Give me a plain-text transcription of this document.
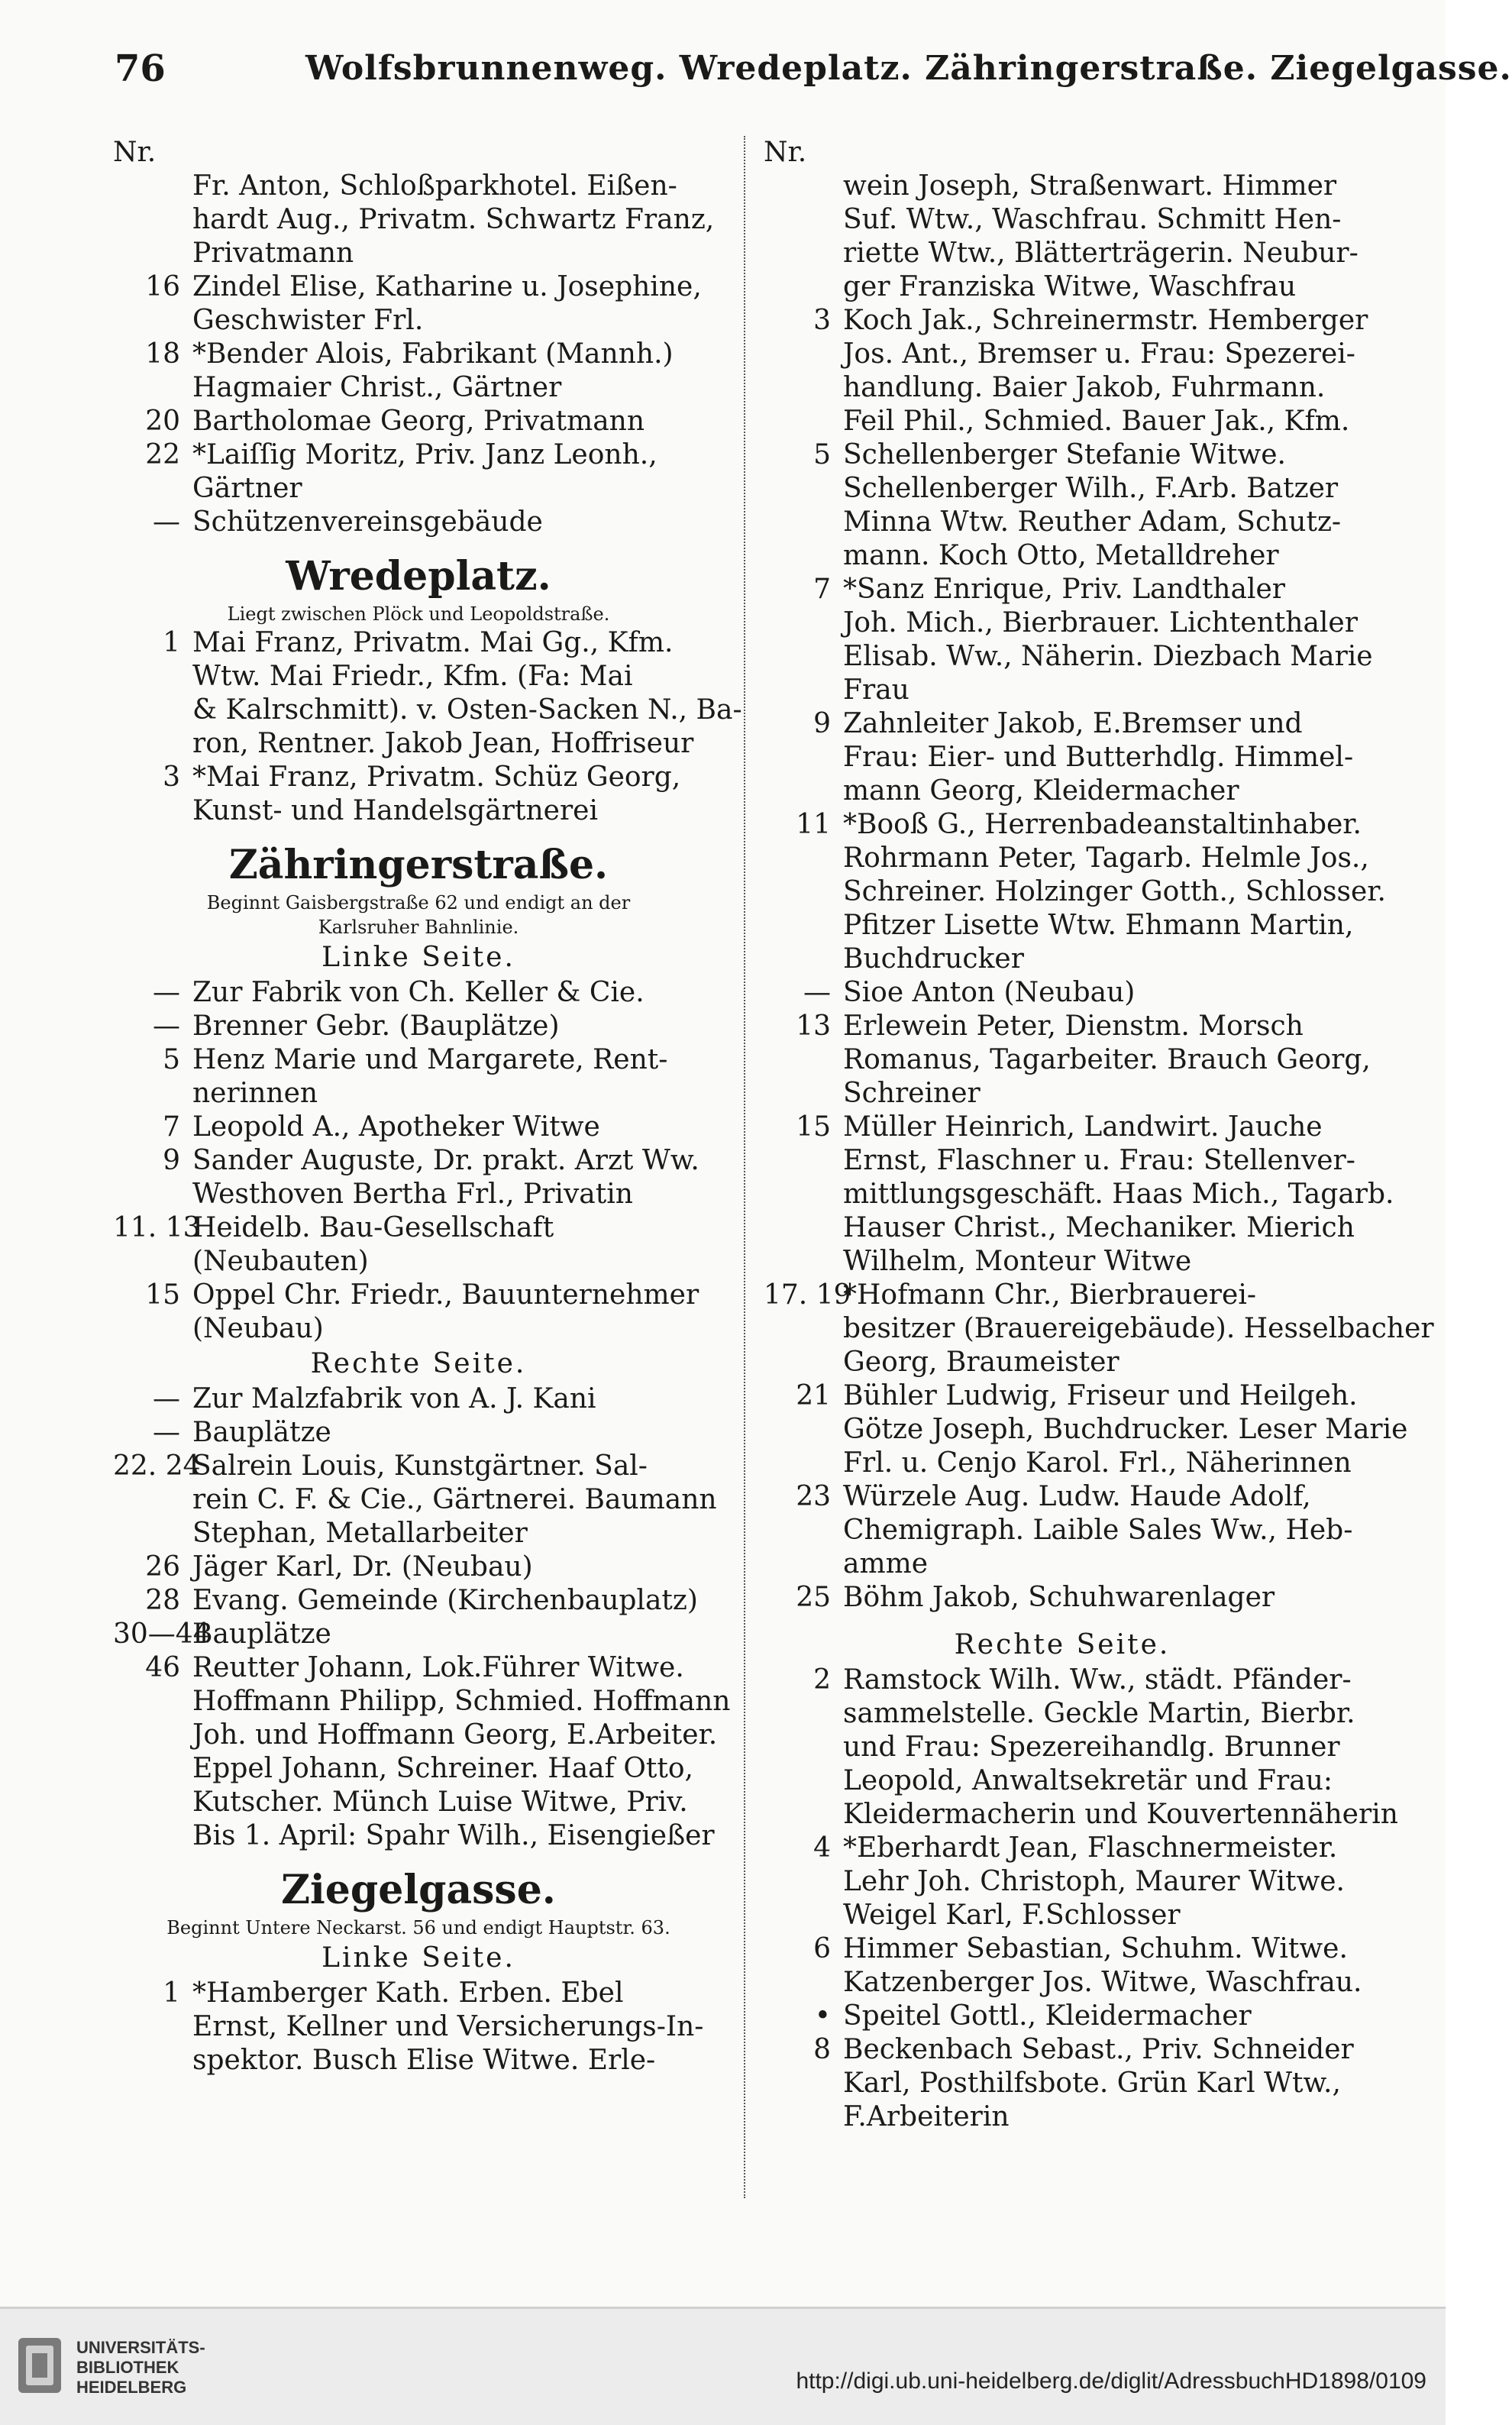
76	Wolfsbrunnenweg. Wredeplatz. Zähringerstraße. Ziegelgasse.
Nr.
Fr. Anton, Schloßparkhotel. Eißen-
hardt Aug., Privatm. Schwartz Franz,
Privatmann
16 Zindel Elise, Katharine u. Josephine,
Geschwister Frl.
18 *Bender Alois, Fabrikant (Mannh.)
Hagmaier Christ., Gärtner
20 Bartholomae Georg, Privatmann
22 *Laiſſig Moritz, Priv. Janz Leonh.,
Gärtner
— Schützenvereinsgebäude
Wredeplatz.
Liegt zwischen Plöck und Leopoldstraße.
1 Mai Franz, Privatm. Mai Gg., Kfm.
Wtw. Mai Friedr., Kfm. (Fa: Mai
& Kalrschmitt). v. Osten-Sacken N., Ba-
ron, Rentner. Jakob Jean, Hoffriseur
3 *Mai Franz, Privatm. Schüz Georg,
Kunst- und Handelsgärtnerei
Zähringerstraße.
Beginnt Gaisbergstraße 62 und endigt an der
Karlsruher Bahnlinie.
Linke Seite.
— Zur Fabrik von Ch. Keller & Cie.
— Brenner Gebr. (Bauplätze)
5 Henz Marie und Margarete, Rent-
nerinnen
7 Leopold A., Apotheker Witwe
9 Sander Auguste, Dr. prakt. Arzt Ww.
Westhoven Bertha Frl., Privatin
11. 13Heidelb. Bau-Gesellschaft
(Neubauten)
15 Oppel Chr. Friedr., Bauunternehmer
(Neubau)
Rechte Seite.
— Zur Malzfabrik von A. J. Kani
— Bauplätze
22. 24Salrein Louis, Kunstgärtner. Sal-
rein C. F. & Cie., Gärtnerei. Baumann
Stephan, Metallarbeiter
26 Jäger Karl, Dr. (Neubau)
28 Evang. Gemeinde (Kirchenbauplatz)
30—44Bauplätze
46 Reutter Johann, Lok.Führer Witwe.
Hoffmann Philipp, Schmied. Hoffmann
Joh. und Hoffmann Georg, E.Arbeiter.
Eppel Johann, Schreiner. Haaf Otto,
Kutscher. Münch Luise Witwe, Priv.
Bis 1. April: Spahr Wilh., Eisengießer
Ziegelgasse.
Beginnt Untere Neckarst. 56 und endigt Hauptstr. 63.
Linke Seite.
1 *Hamberger Kath. Erben. Ebel
Ernst, Kellner und Versicherungs-In-
spektor. Busch Elise Witwe. Erle-
Nr.
wein Joseph, Straßenwart. Himmer
Suf. Wtw., Waschfrau. Schmitt Hen-
riette Wtw., Blätterträgerin. Neubur-
ger Franziska Witwe, Waschfrau
3 Koch Jak., Schreinermstr. Hemberger
Jos. Ant., Bremser u. Frau: Spezerei-
handlung. Baier Jakob, Fuhrmann.
Feil Phil., Schmied. Bauer Jak., Kfm.
5 Schellenberger Stefanie Witwe.
Schellenberger Wilh., F.Arb. Batzer
Minna Wtw. Reuther Adam, Schutz-
mann. Koch Otto, Metalldreher
7 *Sanz Enrique, Priv. Landthaler
Joh. Mich., Bierbrauer. Lichtenthaler
Elisab. Ww., Näherin. Diezbach Marie
Frau
9 Zahnleiter Jakob, E.Bremser und
Frau: Eier- und Butterhdlg. Himmel-
mann Georg, Kleidermacher
11 *Booß G., Herrenbadeanstaltinhaber.
Rohrmann Peter, Tagarb. Helmle Jos.,
Schreiner. Holzinger Gotth., Schlosser.
Pfitzer Lisette Wtw. Ehmann Martin,
Buchdrucker
— Sioe Anton (Neubau)
13 Erlewein Peter, Dienstm. Morsch
Romanus, Tagarbeiter. Brauch Georg,
Schreiner
15 Müller Heinrich, Landwirt. Jauche
Ernst, Flaschner u. Frau: Stellenver-
mittlungsgeschäft. Haas Mich., Tagarb.
Hauser Christ., Mechaniker. Mierich
Wilhelm, Monteur Witwe
17. 19*Hofmann Chr., Bierbrauerei-
besitzer (Brauereigebäude). Hesselbacher
Georg, Braumeister
21 Bühler Ludwig, Friseur und Heilgeh.
Götze Joseph, Buchdrucker. Leser Marie
Frl. u. Cenjo Karol. Frl., Näherinnen
23 Würzele Aug. Ludw. Haude Adolf,
Chemigraph. Laible Sales Ww., Heb-
amme
25 Böhm Jakob, Schuhwarenlager
Rechte Seite.
2 Ramstock Wilh. Ww., städt. Pfänder-
sammelstelle. Geckle Martin, Bierbr.
und Frau: Spezereihandlg. Brunner
Leopold, Anwaltsekretär und Frau:
Kleidermacherin und Kouvertennäherin
4 *Eberhardt Jean, Flaschnermeister.
Lehr Joh. Christoph, Maurer Witwe.
Weigel Karl, F.Schlosser
6 Himmer Sebastian, Schuhm. Witwe.
Katzenberger Jos. Witwe, Waschfrau.
• Speitel Gottl., Kleidermacher
8 Beckenbach Sebast., Priv. Schneider
Karl, Posthilfsbote. Grün Karl Wtw.,
F.Arbeiterin
UNIVERSITÄTS-
BIBLIOTHEK
HEIDELBERG	http://digi.ub.uni-heidelberg.de/diglit/AdressbuchHD1898/0109
